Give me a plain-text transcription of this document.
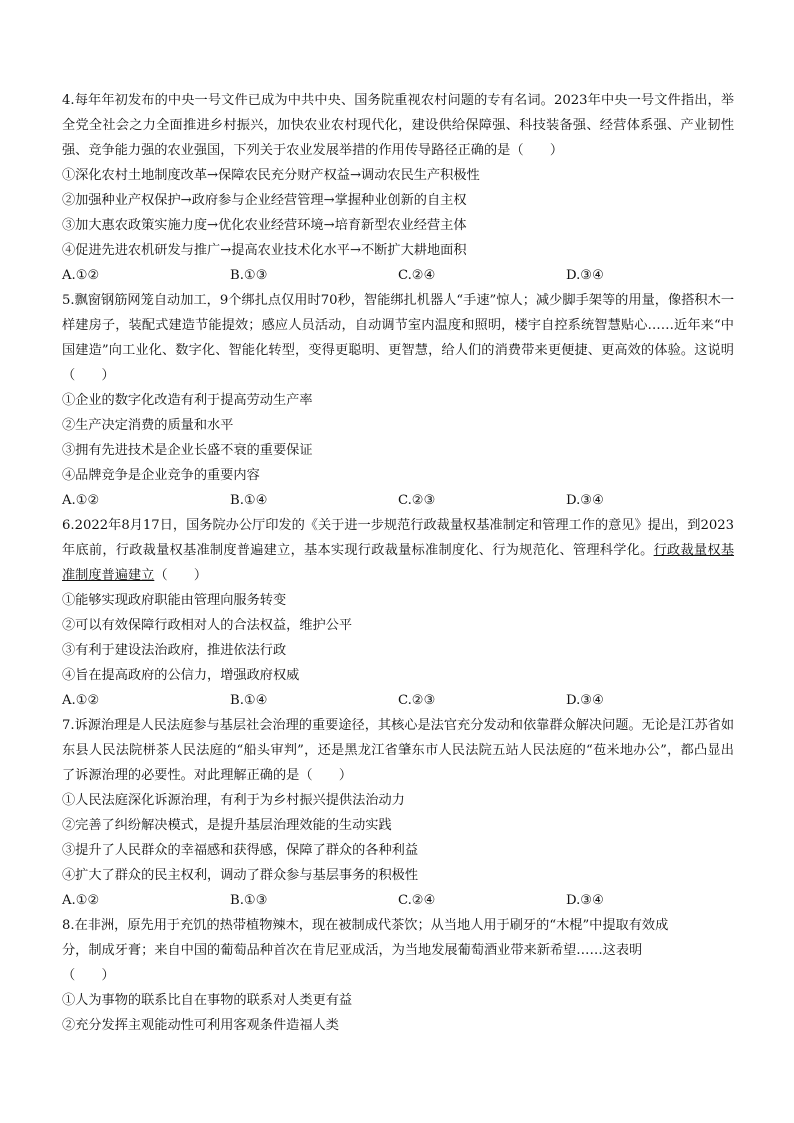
4.每年年初发布的中央一号文件已成为中共中央、国务院重视农村问题的专有名词。2023年中央一号文件指出，举全党全社会之力全面推进乡村振兴，加快农业农村现代化，建设供给保障强、科技装备强、经营体系强、产业韧性强、竞争能力强的农业强国，下列关于农业发展举措的作用传导路径正确的是（　　）
①深化农村土地制度改革→保障农民充分财产权益→调动农民生产积极性
②加强种业产权保护→政府参与企业经营管理→掌握种业创新的自主权
③加大惠农政策实施力度→优化农业经营环境→培育新型农业经营主体
④促进先进农机研发与推广→提高农业技术化水平→不断扩大耕地面积
A.①②	B.①③	C.②④	D.③④
5.飘窗钢筋网笼自动加工，9个绑扎点仅用时70秒，智能绑扎机器人“手速”惊人；减少脚手架等的用量，像搭积木一样建房子，装配式建造节能提效；感应人员活动，自动调节室内温度和照明，楼宇自控系统智慧贴心……近年来“中国建造”向工业化、数字化、智能化转型，变得更聪明、更智慧，给人们的消费带来更便捷、更高效的体验。这说明（　　）
①企业的数字化改造有利于提高劳动生产率
②生产决定消费的质量和水平
③拥有先进技术是企业长盛不衰的重要保证
④品牌竞争是企业竞争的重要内容
A.①②	B.①④	C.②③	D.③④
6.2022年8月17日，国务院办公厅印发的《关于进一步规范行政裁量权基准制定和管理工作的意见》提出，到2023年底前，行政裁量权基准制度普遍建立，基本实现行政裁量标准制度化、行为规范化、管理科学化。行政裁量权基准制度普遍建立（　　）
①能够实现政府职能由管理向服务转变
②可以有效保障行政相对人的合法权益，维护公平
③有利于建设法治政府，推进依法行政
④旨在提高政府的公信力，增强政府权威
A.①②	B.①④	C.②③	D.③④
7.诉源治理是人民法庭参与基层社会治理的重要途径，其核心是法官充分发动和依靠群众解决问题。无论是江苏省如东县人民法院栟茶人民法庭的“船头审判”，还是黑龙江省肇东市人民法院五站人民法庭的“苞米地办公”，都凸显出了诉源治理的必要性。对此理解正确的是（　　）
①人民法庭深化诉源治理，有利于为乡村振兴提供法治动力
②完善了纠纷解决模式，是提升基层治理效能的生动实践
③提升了人民群众的幸福感和获得感，保障了群众的各种利益
④扩大了群众的民主权利，调动了群众参与基层事务的积极性
A.①②	B.①③	C.②④	D.③④
8.在非洲，原先用于充饥的热带植物辣木，现在被制成代茶饮；从当地人用于刷牙的“木棍”中提取有效成
分，制成牙膏；来自中国的葡萄品种首次在肯尼亚成活，为当地发展葡萄酒业带来新希望……这表明
（　　）
①人为事物的联系比自在事物的联系对人类更有益
②充分发挥主观能动性可利用客观条件造福人类
